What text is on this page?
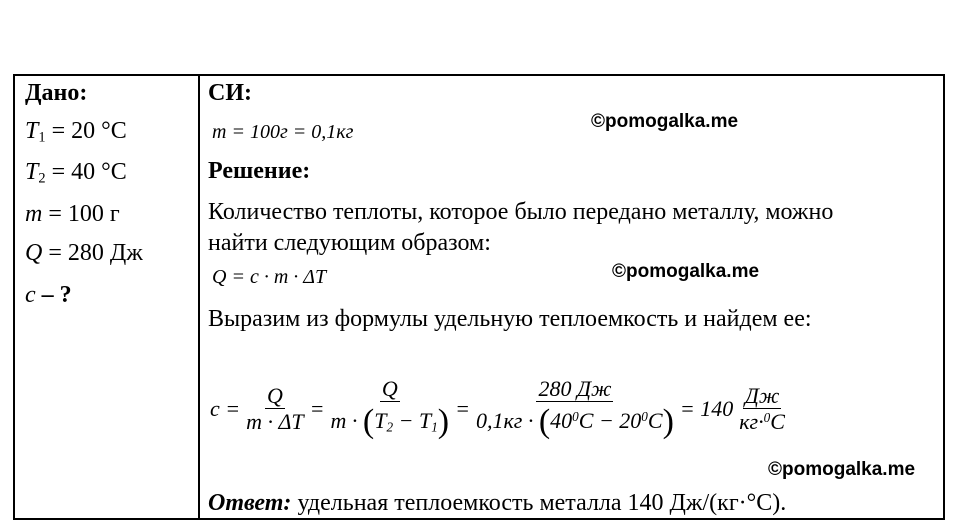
Дано:
$T_1 = 20$ °С
$T_2 = 40$ °С
m = 100 г
Q = 280 Дж
c – ?
СИ:
m = 100г = 0,1кг
Решение:
Количество теплоты, которое было передано металлу, можно
найти следующим образом:
Q = c · m · ΔT
Выразим из формулы удельную теплоемкость и найдем ее:
$c = \frac{Q}{m \cdot \Delta T} = \frac{Q}{m \cdot (T_2 - T_1)} = \frac{280 Дж}{0,1кг \cdot (40^0C - 20^0C)} = 140 \frac{Дж}{кг\cdot^0C}$
Ответ: удельная теплоемкость металла 140 Дж/(кг·°С).
©pomogalka.me
©pomogalka.me
©pomogalka.me
